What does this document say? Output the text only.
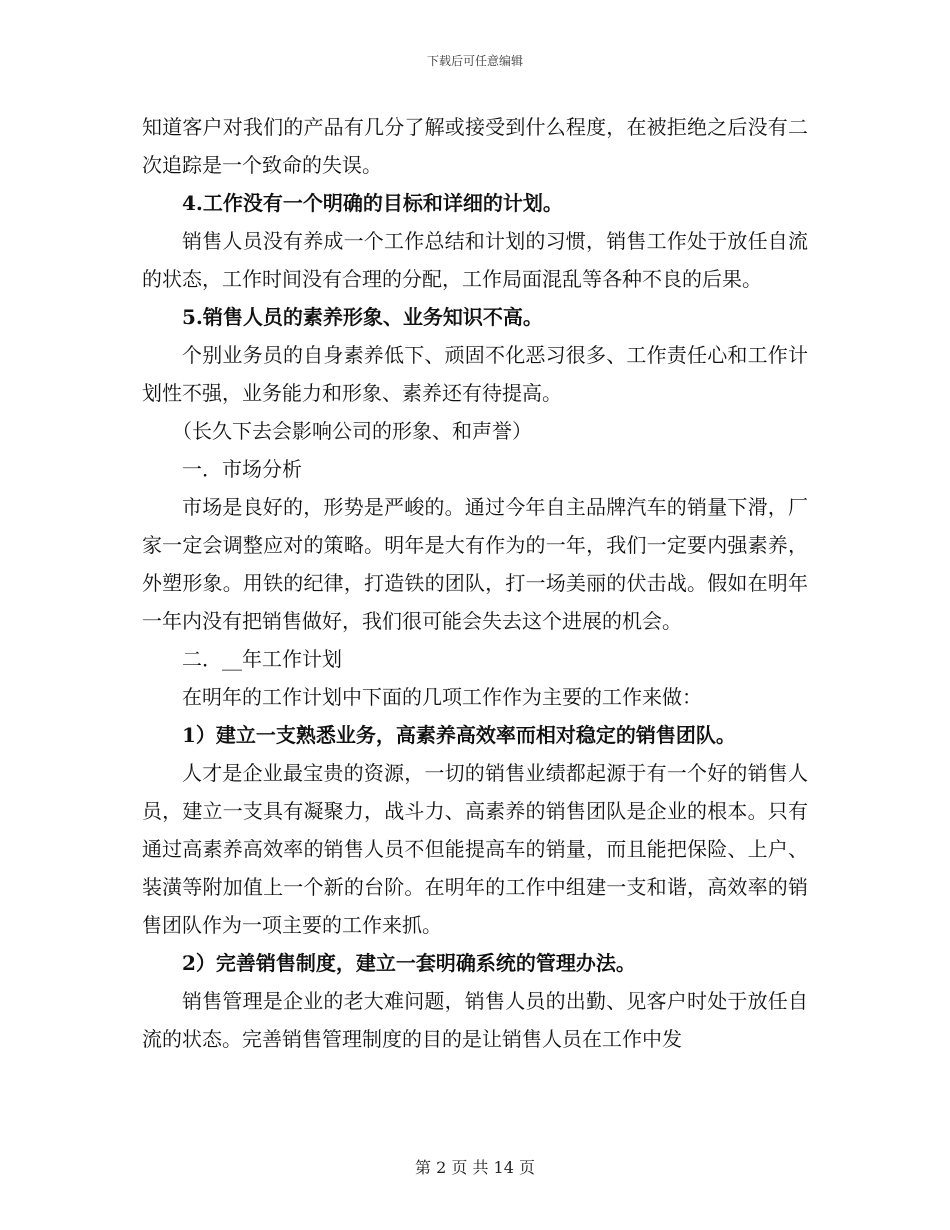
下载后可任意编辑

知道客户对我们的产品有几分了解或接受到什么程度，在被拒绝之后没有二次追踪是一个致命的失误。

4.工作没有一个明确的目标和详细的计划。

销售人员没有养成一个工作总结和计划的习惯，销售工作处于放任自流的状态，工作时间没有合理的分配，工作局面混乱等各种不良的后果。

5.销售人员的素养形象、业务知识不高。

个别业务员的自身素养低下、顽固不化恶习很多、工作责任心和工作计划性不强，业务能力和形象、素养还有待提高。

（长久下去会影响公司的形象、和声誉）

一．市场分析

市场是良好的，形势是严峻的。通过今年自主品牌汽车的销量下滑，厂家一定会调整应对的策略。明年是大有作为的一年，我们一定要内强素养，外塑形象。用铁的纪律，打造铁的团队，打一场美丽的伏击战。假如在明年一年内没有把销售做好，我们很可能会失去这个进展的机会。

二．__年工作计划

在明年的工作计划中下面的几项工作作为主要的工作来做：

1）建立一支熟悉业务，高素养高效率而相对稳定的销售团队。

人才是企业最宝贵的资源，一切的销售业绩都起源于有一个好的销售人员，建立一支具有凝聚力，战斗力、高素养的销售团队是企业的根本。只有通过高素养高效率的销售人员不但能提高车的销量，而且能把保险、上户、装潢等附加值上一个新的台阶。在明年的工作中组建一支和谐，高效率的销售团队作为一项主要的工作来抓。

2）完善销售制度，建立一套明确系统的管理办法。

销售管理是企业的老大难问题，销售人员的出勤、见客户时处于放任自流的状态。完善销售管理制度的目的是让销售人员在工作中发

第 2 页 共 14 页
